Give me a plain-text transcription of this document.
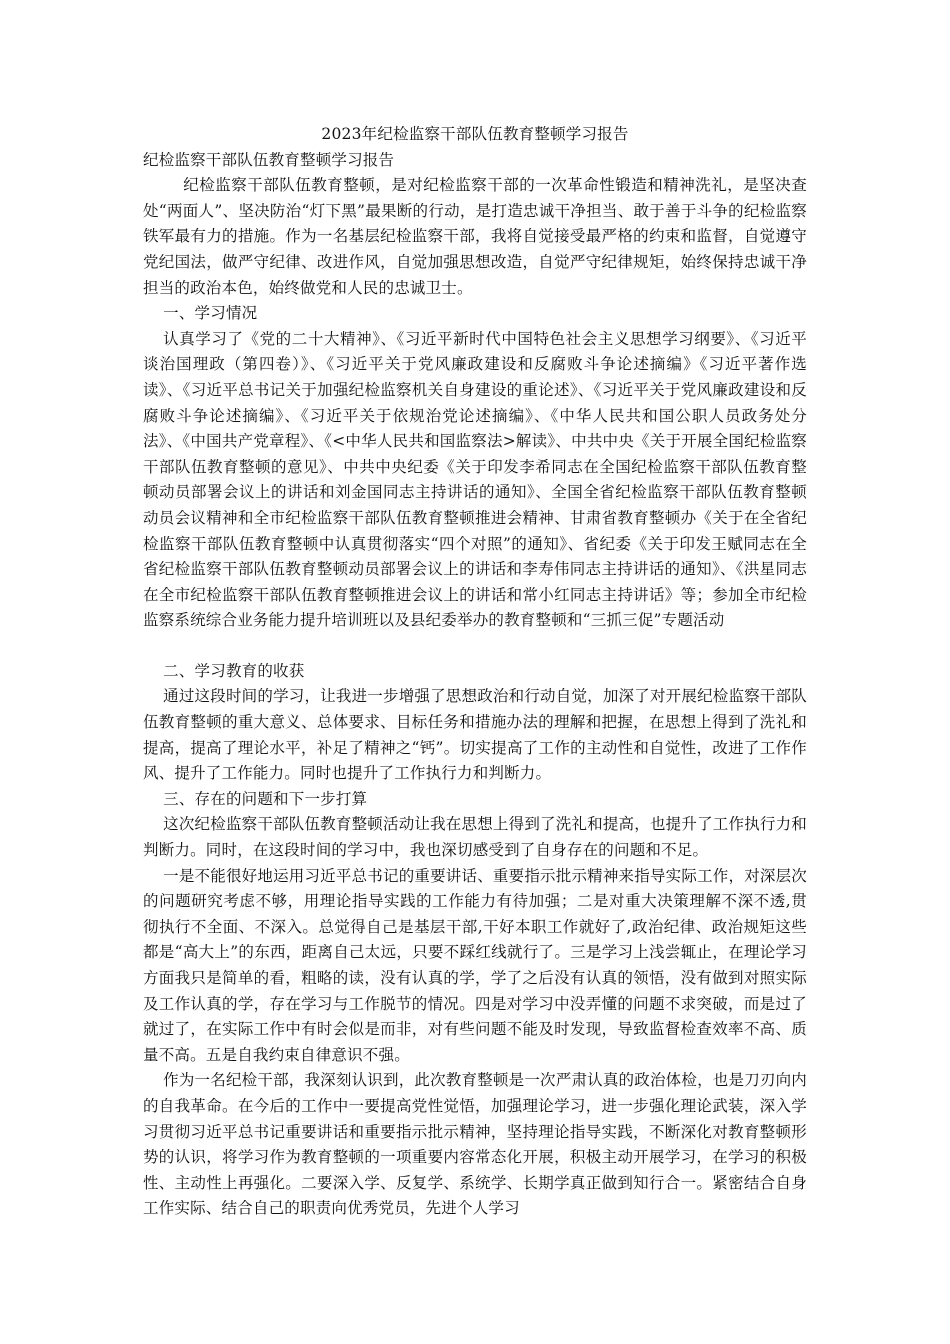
2023年纪检监察干部队伍教育整顿学习报告
纪检监察干部队伍教育整顿学习报告

纪检监察干部队伍教育整顿，是对纪检监察干部的一次革命性锻造和精神洗礼，是坚决查处“两面人”、坚决防治“灯下黑”最果断的行动，是打造忠诚干净担当、敢于善于斗争的纪检监察铁军最有力的措施。作为一名基层纪检监察干部，我将自觉接受最严格的约束和监督，自觉遵守党纪国法，做严守纪律、改进作风，自觉加强思想改造，自觉严守纪律规矩，始终保持忠诚干净担当的政治本色，始终做党和人民的忠诚卫士。

一、学习情况

认真学习了《党的二十大精神》、《习近平新时代中国特色社会主义思想学习纲要》、《习近平谈治国理政（第四卷）》、《习近平关于党风廉政建设和反腐败斗争论述摘编》《习近平著作选读》、《习近平总书记关于加强纪检监察机关自身建设的重论述》、《习近平关于党风廉政建设和反腐败斗争论述摘编》、《习近平关于依规治党论述摘编》、《中华人民共和国公职人员政务处分法》、《中国共产党章程》、《<中华人民共和国监察法>解读》、中共中央《关于开展全国纪检监察干部队伍教育整顿的意见》、中共中央纪委《关于印发李希同志在全国纪检监察干部队伍教育整顿动员部署会议上的讲话和刘金国同志主持讲话的通知》、全国全省纪检监察干部队伍教育整顿动员会议精神和全市纪检监察干部队伍教育整顿推进会精神、甘肃省教育整顿办《关于在全省纪检监察干部队伍教育整顿中认真贯彻落实“四个对照”的通知》、省纪委《关于印发王赋同志在全省纪检监察干部队伍教育整顿动员部署会议上的讲话和李寿伟同志主持讲话的通知》、《洪星同志在全市纪检监察干部队伍教育整顿推进会议上的讲话和常小红同志主持讲话》等；参加全市纪检监察系统综合业务能力提升培训班以及县纪委举办的教育整顿和“三抓三促”专题活动

二、学习教育的收获

通过这段时间的学习，让我进一步增强了思想政治和行动自觉，加深了对开展纪检监察干部队伍教育整顿的重大意义、总体要求、目标任务和措施办法的理解和把握，在思想上得到了洗礼和提高，提高了理论水平，补足了精神之“钙”。切实提高了工作的主动性和自觉性，改进了工作作风、提升了工作能力。同时也提升了工作执行力和判断力。

三、存在的问题和下一步打算

这次纪检监察干部队伍教育整顿活动让我在思想上得到了洗礼和提高，也提升了工作执行力和判断力。同时，在这段时间的学习中，我也深切感受到了自身存在的问题和不足。

一是不能很好地运用习近平总书记的重要讲话、重要指示批示精神来指导实际工作，对深层次的问题研究考虑不够，用理论指导实践的工作能力有待加强；二是对重大决策理解不深不透,贯彻执行不全面、不深入。总觉得自己是基层干部,干好本职工作就好了,政治纪律、政治规矩这些都是“高大上”的东西，距离自己太远，只要不踩红线就行了。三是学习上浅尝辄止，在理论学习方面我只是简单的看，粗略的读，没有认真的学，学了之后没有认真的领悟，没有做到对照实际及工作认真的学，存在学习与工作脱节的情况。四是对学习中没弄懂的问题不求突破，而是过了就过了，在实际工作中有时会似是而非，对有些问题不能及时发现，导致监督检查效率不高、质量不高。五是自我约束自律意识不强。

作为一名纪检干部，我深刻认识到，此次教育整顿是一次严肃认真的政治体检，也是刀刃向内的自我革命。在今后的工作中一要提高党性觉悟，加强理论学习，进一步强化理论武装，深入学习贯彻习近平总书记重要讲话和重要指示批示精神，坚持理论指导实践，不断深化对教育整顿形势的认识，将学习作为教育整顿的一项重要内容常态化开展，积极主动开展学习，在学习的积极性、主动性上再强化。二要深入学、反复学、系统学、长期学真正做到知行合一。紧密结合自身工作实际、结合自己的职责向优秀党员，先进个人学习
